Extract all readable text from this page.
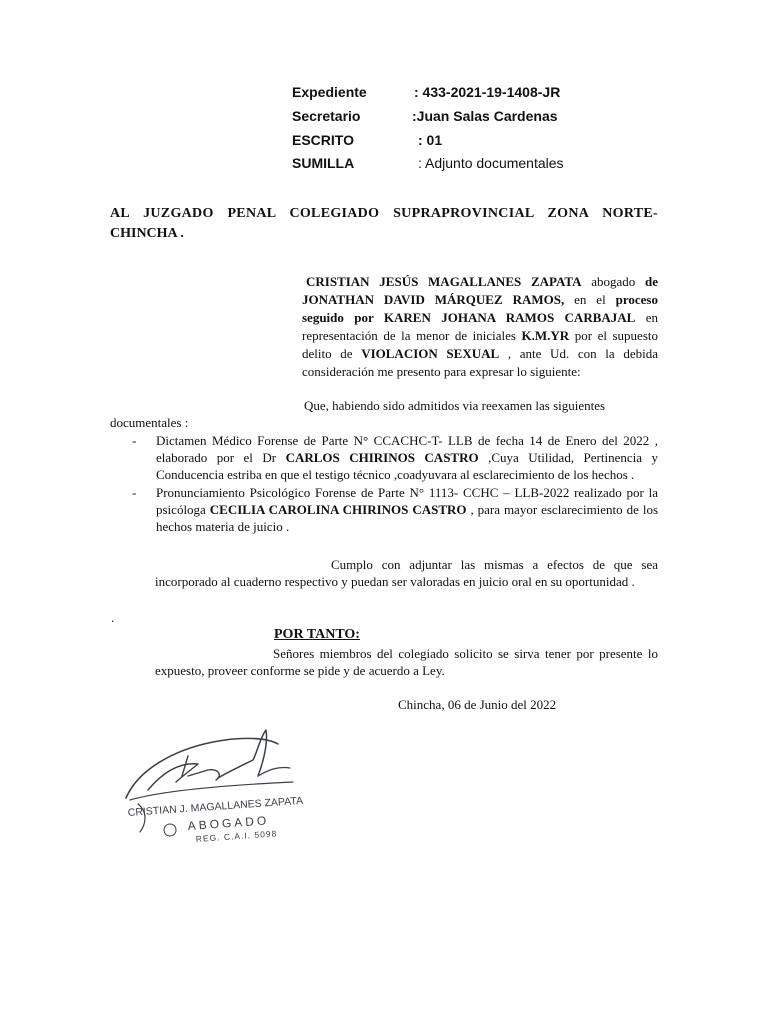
Expediente	: 433-2021-19-1408-JR
Secretario	:Juan Salas Cardenas
ESCRITO	: 01
SUMILLA	: Adjunto documentales
AL JUZGADO PENAL COLEGIADO SUPRAPROVINCIAL ZONA NORTE-
CHINCHA .
CRISTIAN JESÚS MAGALLANES ZAPATA abogado de JONATHAN DAVID MÁRQUEZ RAMOS, en el proceso seguido por KAREN JOHANA RAMOS CARBAJAL en representación de la menor de iniciales K.M.YR por el supuesto delito de VIOLACION SEXUAL , ante Ud. con la debida consideración me presento para expresar lo siguiente:
Que, habiendo sido admitidos via reexamen las siguientes
documentales :
- Dictamen Médico Forense de Parte N° CCACHC-T- LLB de fecha 14 de Enero del 2022 , elaborado por el Dr CARLOS CHIRINOS CASTRO ,Cuya Utilidad, Pertinencia y Conducencia estriba en que el testigo técnico ,coadyuvara al esclarecimiento de los hechos .
- Pronunciamiento Psicológico Forense de Parte N° 1113- CCHC – LLB-2022 realizado por la psicóloga CECILIA CAROLINA CHIRINOS CASTRO , para mayor esclarecimiento de los hechos materia de juicio .
Cumplo con adjuntar las mismas a efectos de que sea incorporado al cuaderno respectivo y puedan ser valoradas en juicio oral en su oportunidad .
.
POR TANTO:
Señores miembros del colegiado solicito se sirva tener por presente lo expuesto, proveer conforme se pide y de acuerdo a Ley.
Chincha, 06 de Junio del 2022
CRISTIAN J. MAGALLANES ZAPATA
ABOGADO
REG. C.A.I. 5098
